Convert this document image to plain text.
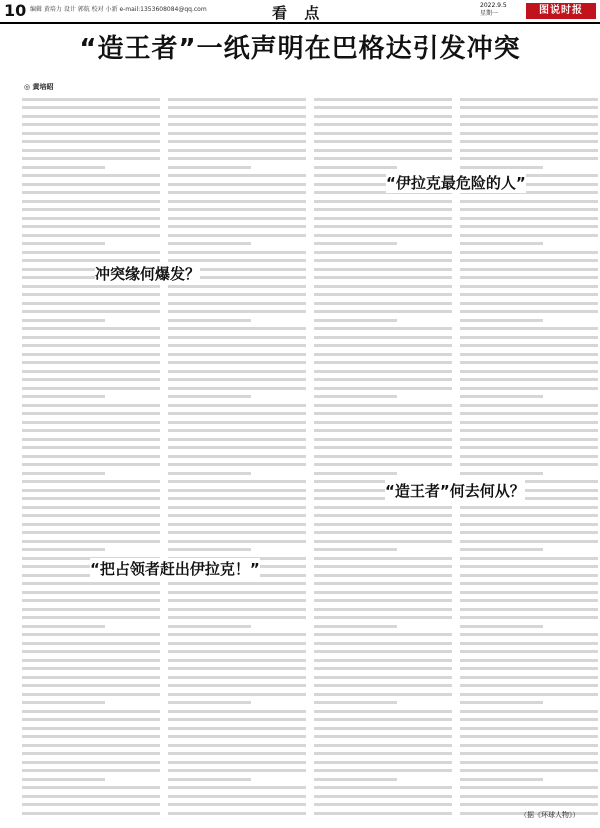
10 编辑 黄培力 设计 郭航 校对 小新 e-mail:1353608084@qq.com	看 点	2022.9.5
星期一	图说时报
“造王者”一纸声明在巴格达引发冲突
◎ 黄培昭
冲突缘何爆发？
“伊拉克最危险的人”
“造王者”何去何从？
“把占领者赶出伊拉克！”
（据《环球人物》）
